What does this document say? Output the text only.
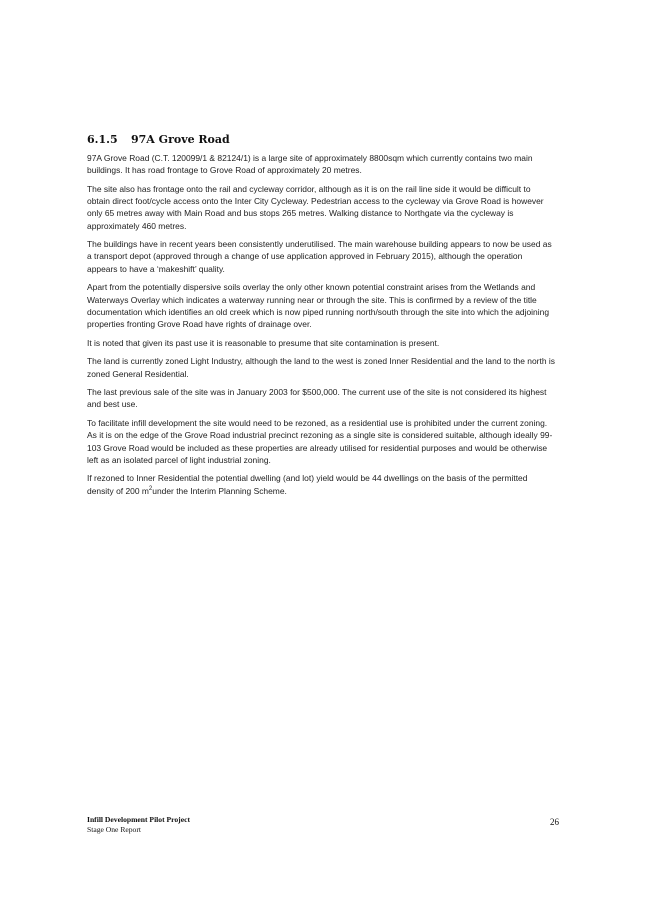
6.1.5 97A Grove Road

97A Grove Road (C.T. 120099/1 & 82124/1) is a large site of approximately 8800sqm which currently contains two main buildings. It has road frontage to Grove Road of approximately 20 metres.

The site also has frontage onto the rail and cycleway corridor, although as it is on the rail line side it would be difficult to obtain direct foot/cycle access onto the Inter City Cycleway. Pedestrian access to the cycleway via Grove Road is however only 65 metres away with Main Road and bus stops 265 metres. Walking distance to Northgate via the cycleway is approximately 460 metres.

The buildings have in recent years been consistently underutilised. The main warehouse building appears to now be used as a transport depot (approved through a change of use application approved in February 2015), although the operation appears to have a ‘makeshift’ quality.

Apart from the potentially dispersive soils overlay the only other known potential constraint arises from the Wetlands and Waterways Overlay which indicates a waterway running near or through the site. This is confirmed by a review of the title documentation which identifies an old creek which is now piped running north/south through the site into which the adjoining properties fronting Grove Road have rights of drainage over.

It is noted that given its past use it is reasonable to presume that site contamination is present.

The land is currently zoned Light Industry, although the land to the west is zoned Inner Residential and the land to the north is zoned General Residential.

The last previous sale of the site was in January 2003 for $500,000. The current use of the site is not considered its highest and best use.

To facilitate infill development the site would need to be rezoned, as a residential use is prohibited under the current zoning. As it is on the edge of the Grove Road industrial precinct rezoning as a single site is considered suitable, although ideally 99-103 Grove Road would be included as these properties are already utilised for residential purposes and would be otherwise left as an isolated parcel of light industrial zoning.

If rezoned to Inner Residential the potential dwelling (and lot) yield would be 44 dwellings on the basis of the permitted density of 200 $m^2under$ the Interim Planning Scheme.

Infill Development Pilot Project
Stage One Report
26
